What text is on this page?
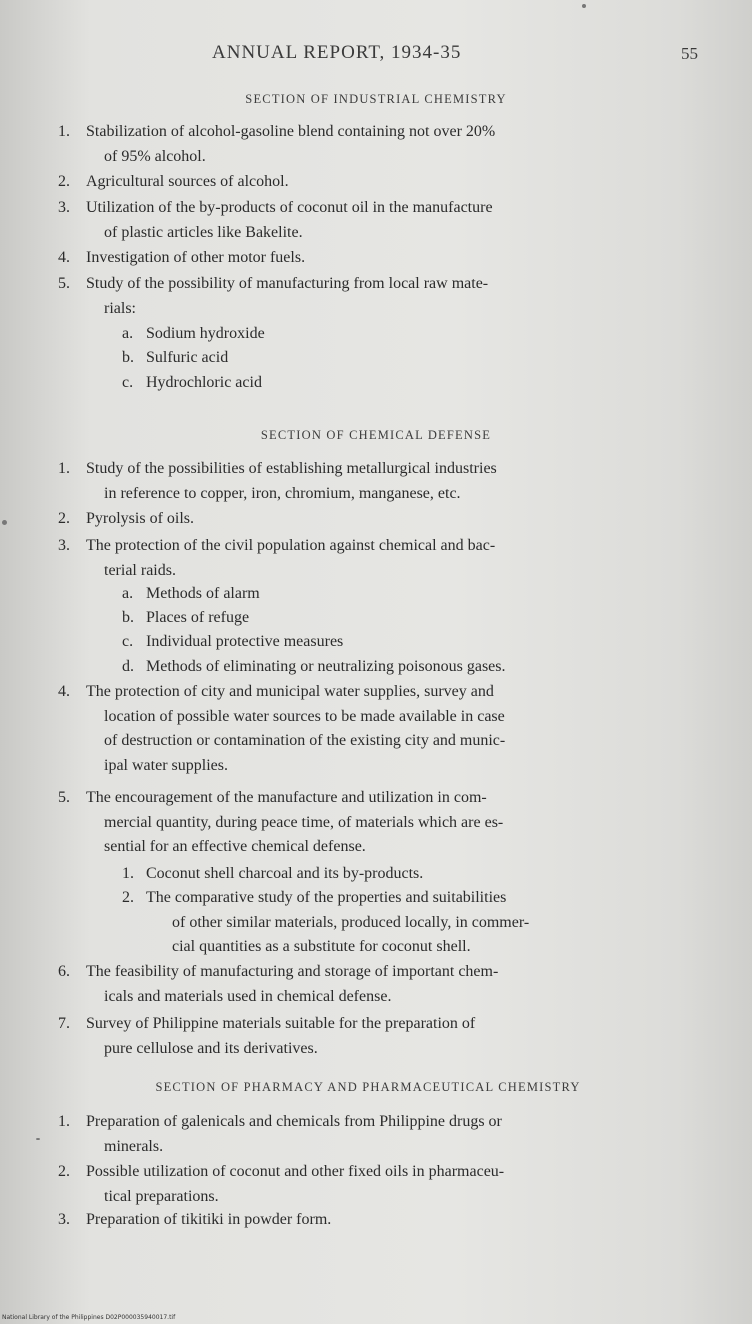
ANNUAL REPORT, 1934-35	55
SECTION OF INDUSTRIAL CHEMISTRY
1.	Stabilization of alcohol-gasoline blend containing not over 20%
of 95% alcohol.
2.	Agricultural sources of alcohol.
3.	Utilization of the by-products of coconut oil in the manufacture
of plastic articles like Bakelite.
4.	Investigation of other motor fuels.
5.	Study of the possibility of manufacturing from local raw mate-
rials:
a. Sodium hydroxide
b. Sulfuric acid
c. Hydrochloric acid
SECTION OF CHEMICAL DEFENSE
1.	Study of the possibilities of establishing metallurgical industries
in reference to copper, iron, chromium, manganese, etc.
2.	Pyrolysis of oils.
3.	The protection of the civil population against chemical and bac-
terial raids.
a. Methods of alarm
b. Places of refuge
c. Individual protective measures
d. Methods of eliminating or neutralizing poisonous gases.
4.	The protection of city and municipal water supplies, survey and
location of possible water sources to be made available in case
of destruction or contamination of the existing city and munic-
ipal water supplies.
5.	The encouragement of the manufacture and utilization in com-
mercial quantity, during peace time, of materials which are es-
sential for an effective chemical defense.
1. Coconut shell charcoal and its by-products.
2. The comparative study of the properties and suitabilities
of other similar materials, produced locally, in commer-
cial quantities as a substitute for coconut shell.
6.	The feasibility of manufacturing and storage of important chem-
icals and materials used in chemical defense.
7.	Survey of Philippine materials suitable for the preparation of
pure cellulose and its derivatives.
SECTION OF PHARMACY AND PHARMACEUTICAL CHEMISTRY
1.	Preparation of galenicals and chemicals from Philippine drugs or
minerals.
2.	Possible utilization of coconut and other fixed oils in pharmaceu-
tical preparations.
3.	Preparation of tikitiki in powder form.
National Library of the Philippines D02P000035940017.tif
